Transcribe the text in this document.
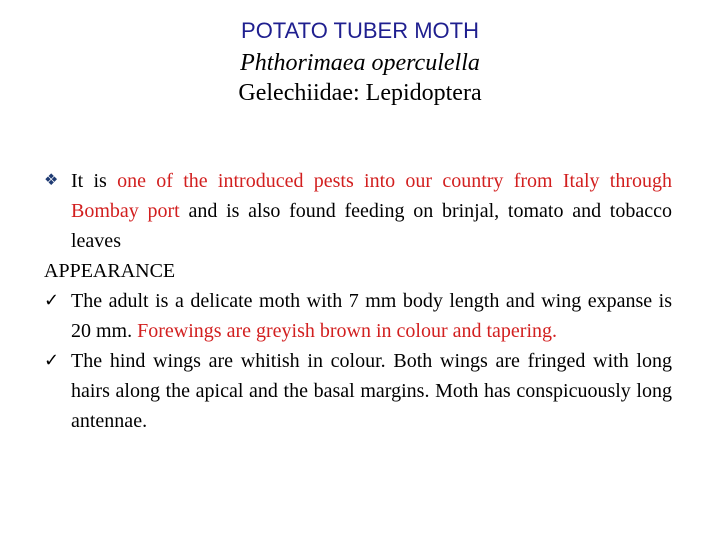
POTATO TUBER MOTH
Phthorimaea operculella
Gelechiidae: Lepidoptera
❖ It is one of the introduced pests into our country from Italy through Bombay port and is also found feeding on brinjal, tomato and tobacco leaves
APPEARANCE
✓ The adult is a delicate moth with 7 mm body length and wing expanse is 20 mm. Forewings are greyish brown in colour and tapering.
✓ The hind wings are whitish in colour. Both wings are fringed with long hairs along the apical and the basal margins. Moth has conspicuously long antennae.
